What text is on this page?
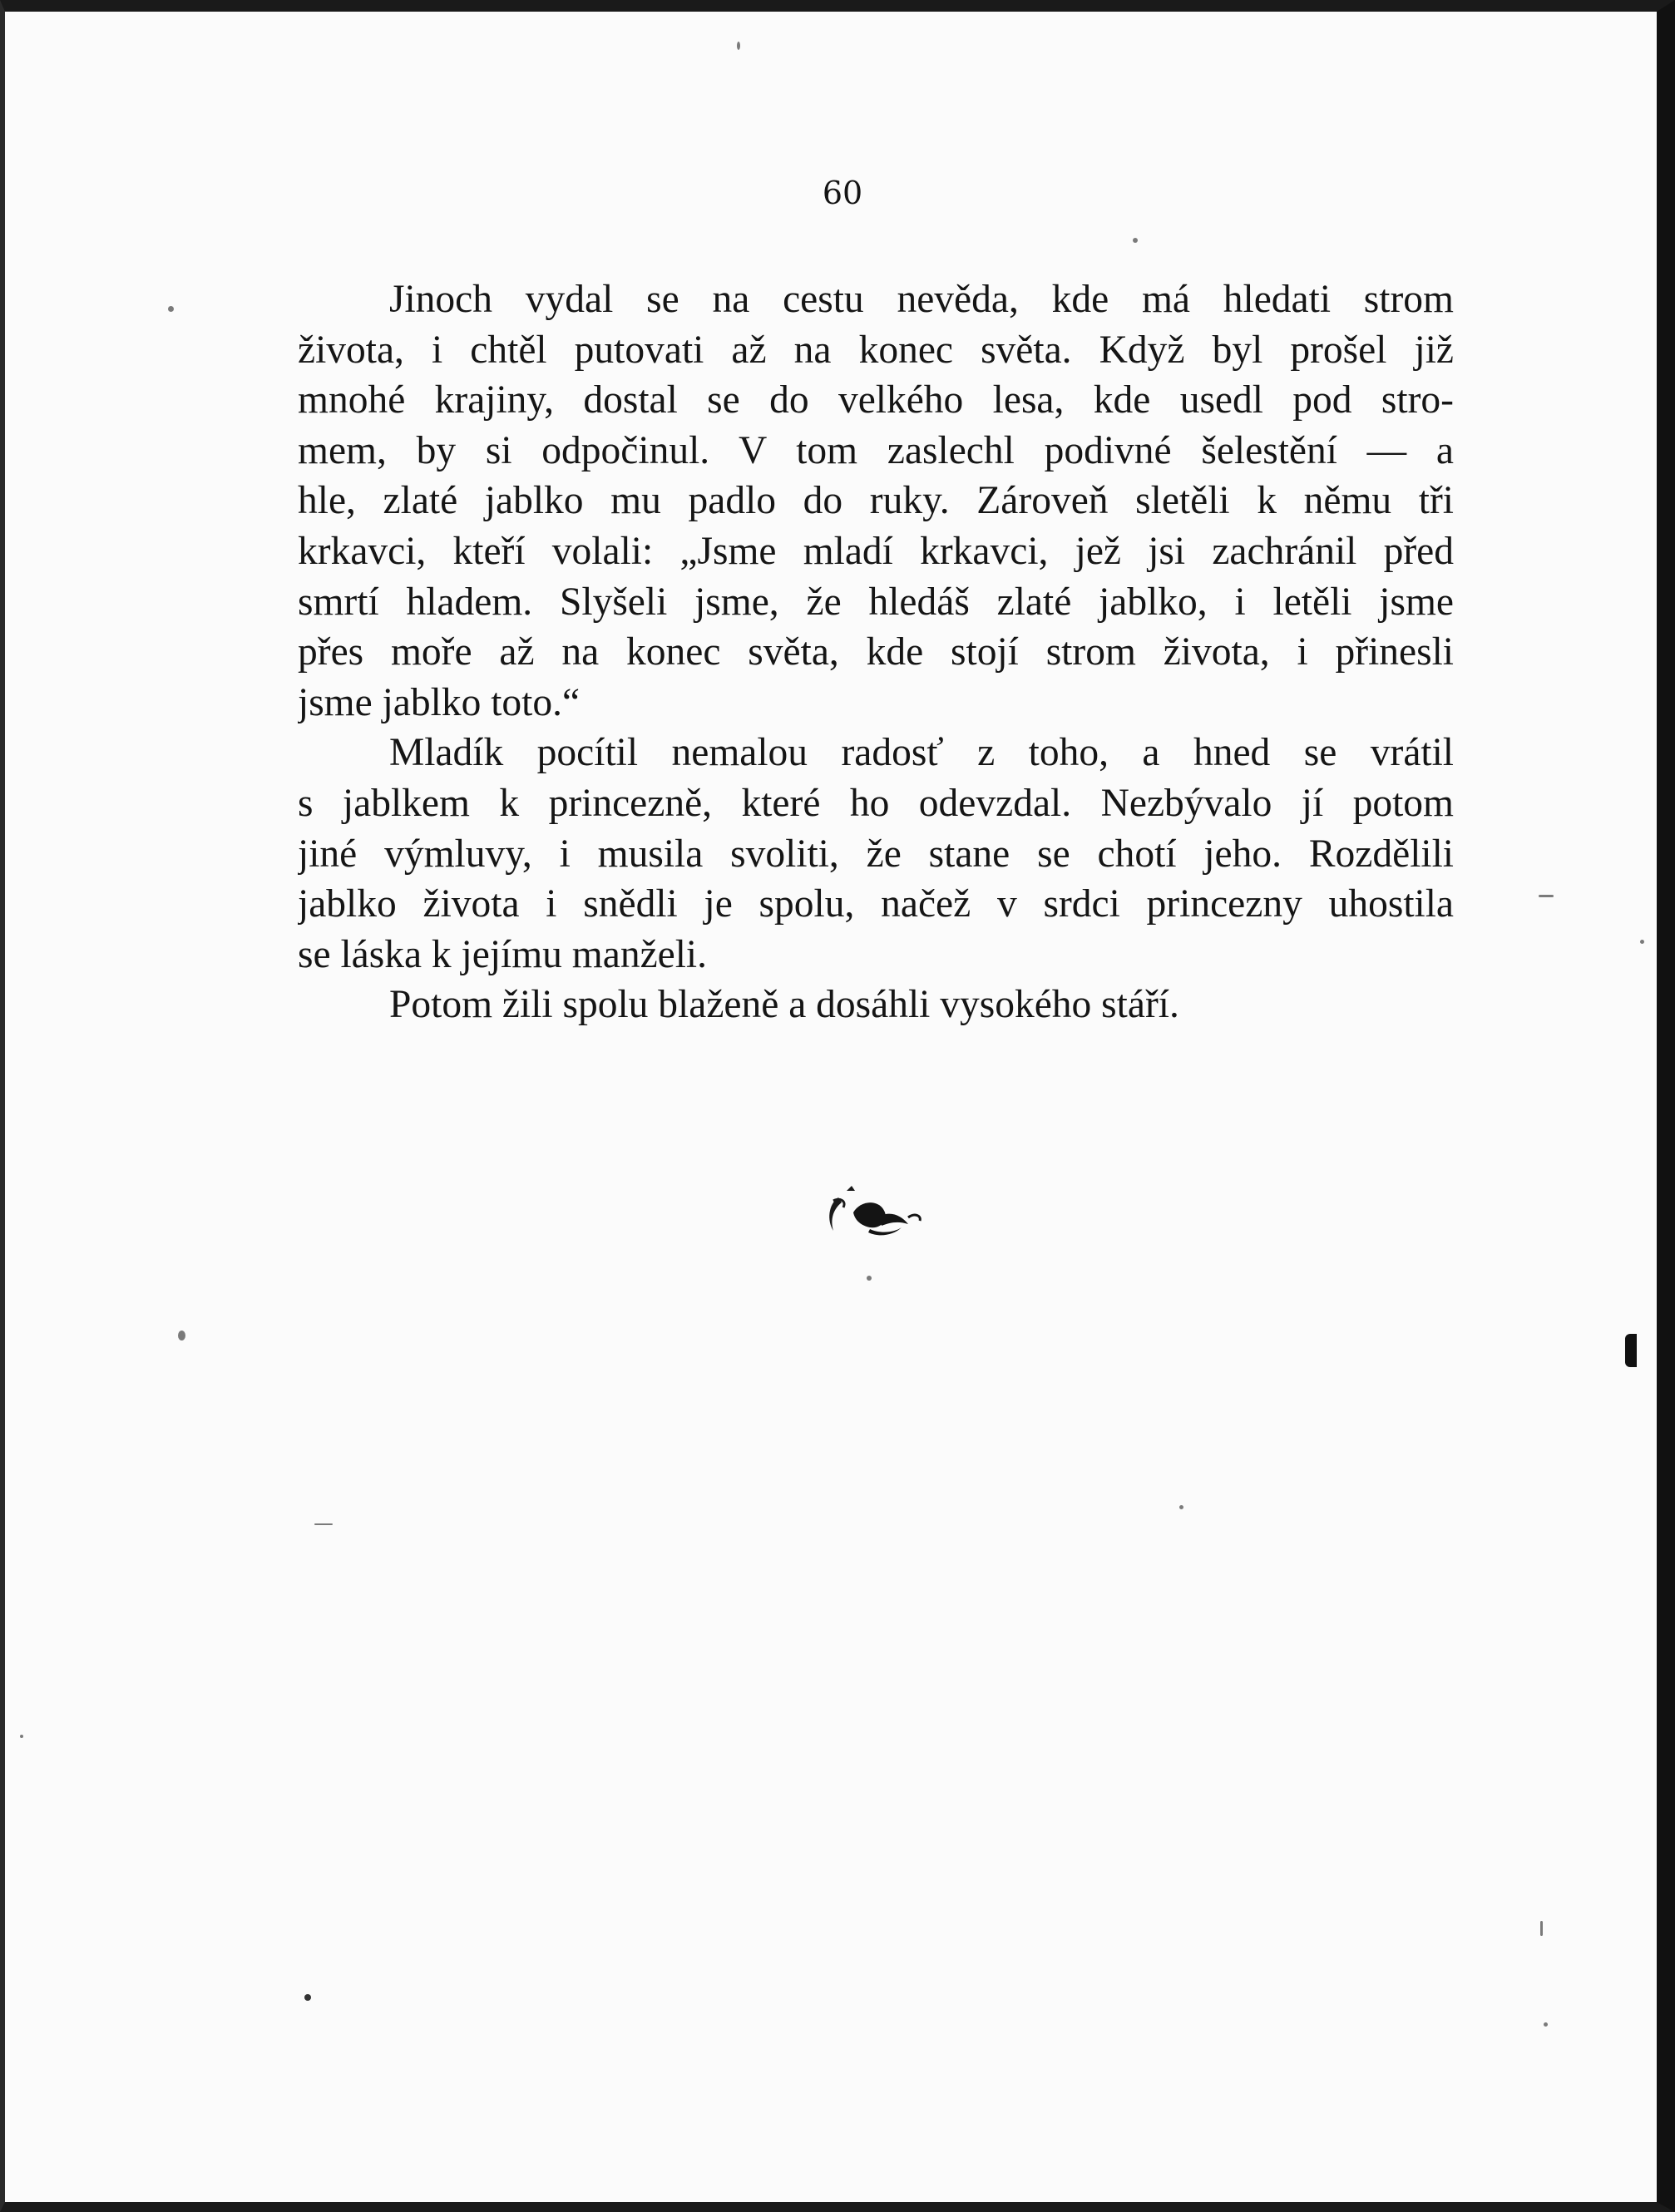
60
Jinoch vydal se na cestu nevěda, kde má hledati strom
života, i chtěl putovati až na konec světa. Když byl prošel již
mnohé krajiny, dostal se do velkého lesa, kde usedl pod stro-
mem, by si odpočinul. V tom zaslechl podivné šelestění — a
hle, zlaté jablko mu padlo do ruky. Zároveň sletěli k němu tři
krkavci, kteří volali: „Jsme mladí krkavci, jež jsi zachránil před
smrtí hladem. Slyšeli jsme, že hledáš zlaté jablko, i letěli jsme
přes moře až na konec světa, kde stojí strom života, i přinesli
jsme jablko toto.“
Mladík pocítil nemalou radosť z toho, a hned se vrátil
s jablkem k princezně, které ho odevzdal. Nezbývalo jí potom
jiné výmluvy, i musila svoliti, že stane se chotí jeho. Rozdělili
jablko života i snědli je spolu, načež v srdci princezny uhostila
se láska k jejímu manželi.
Potom žili spolu blaženě a dosáhli vysokého stáří.
